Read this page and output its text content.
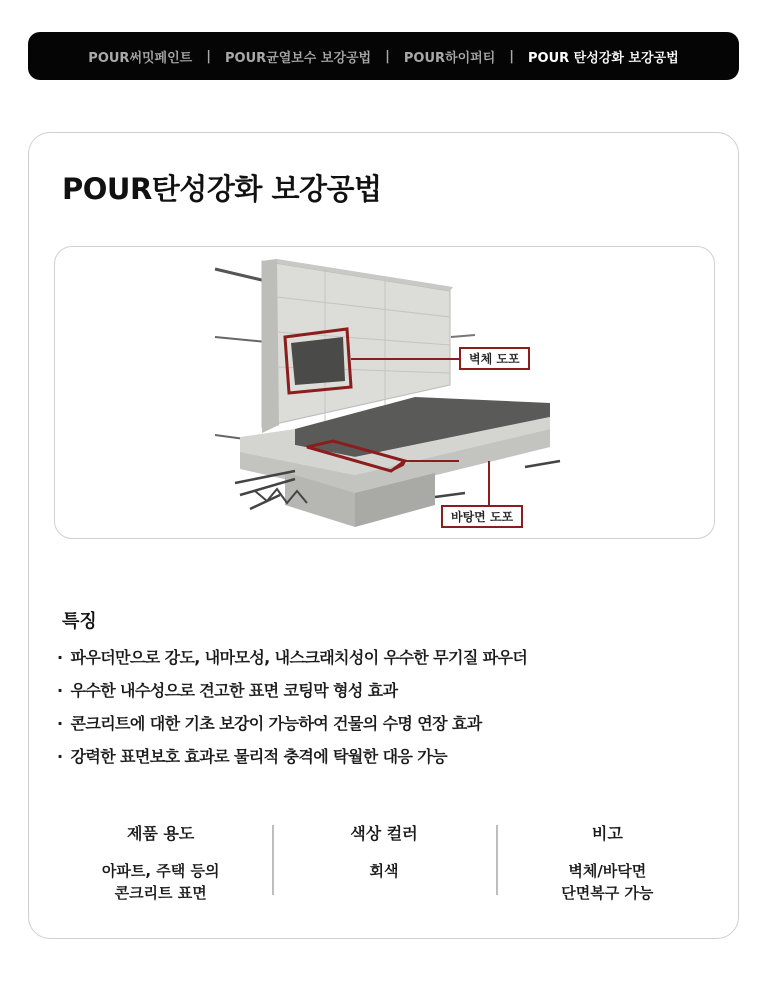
POUR써밋페인트 | POUR균열보수 보강공법 | POUR하이퍼티 | POUR 탄성강화 보강공법
POUR탄성강화 보강공법
벽체 도포
바탕면 도포
특징
· 파우더만으로 강도, 내마모성, 내스크래치성이 우수한 무기질 파우더
· 우수한 내수성으로 견고한 표면 코팅막 형성 효과
· 콘크리트에 대한 기초 보강이 가능하여 건물의 수명 연장 효과
· 강력한 표면보호 효과로 물리적 충격에 탁월한 대응 가능
제품 용도
아파트, 주택 등의
콘크리트 표면
색상 컬러
회색
비고
벽체/바닥면
단면복구 가능
